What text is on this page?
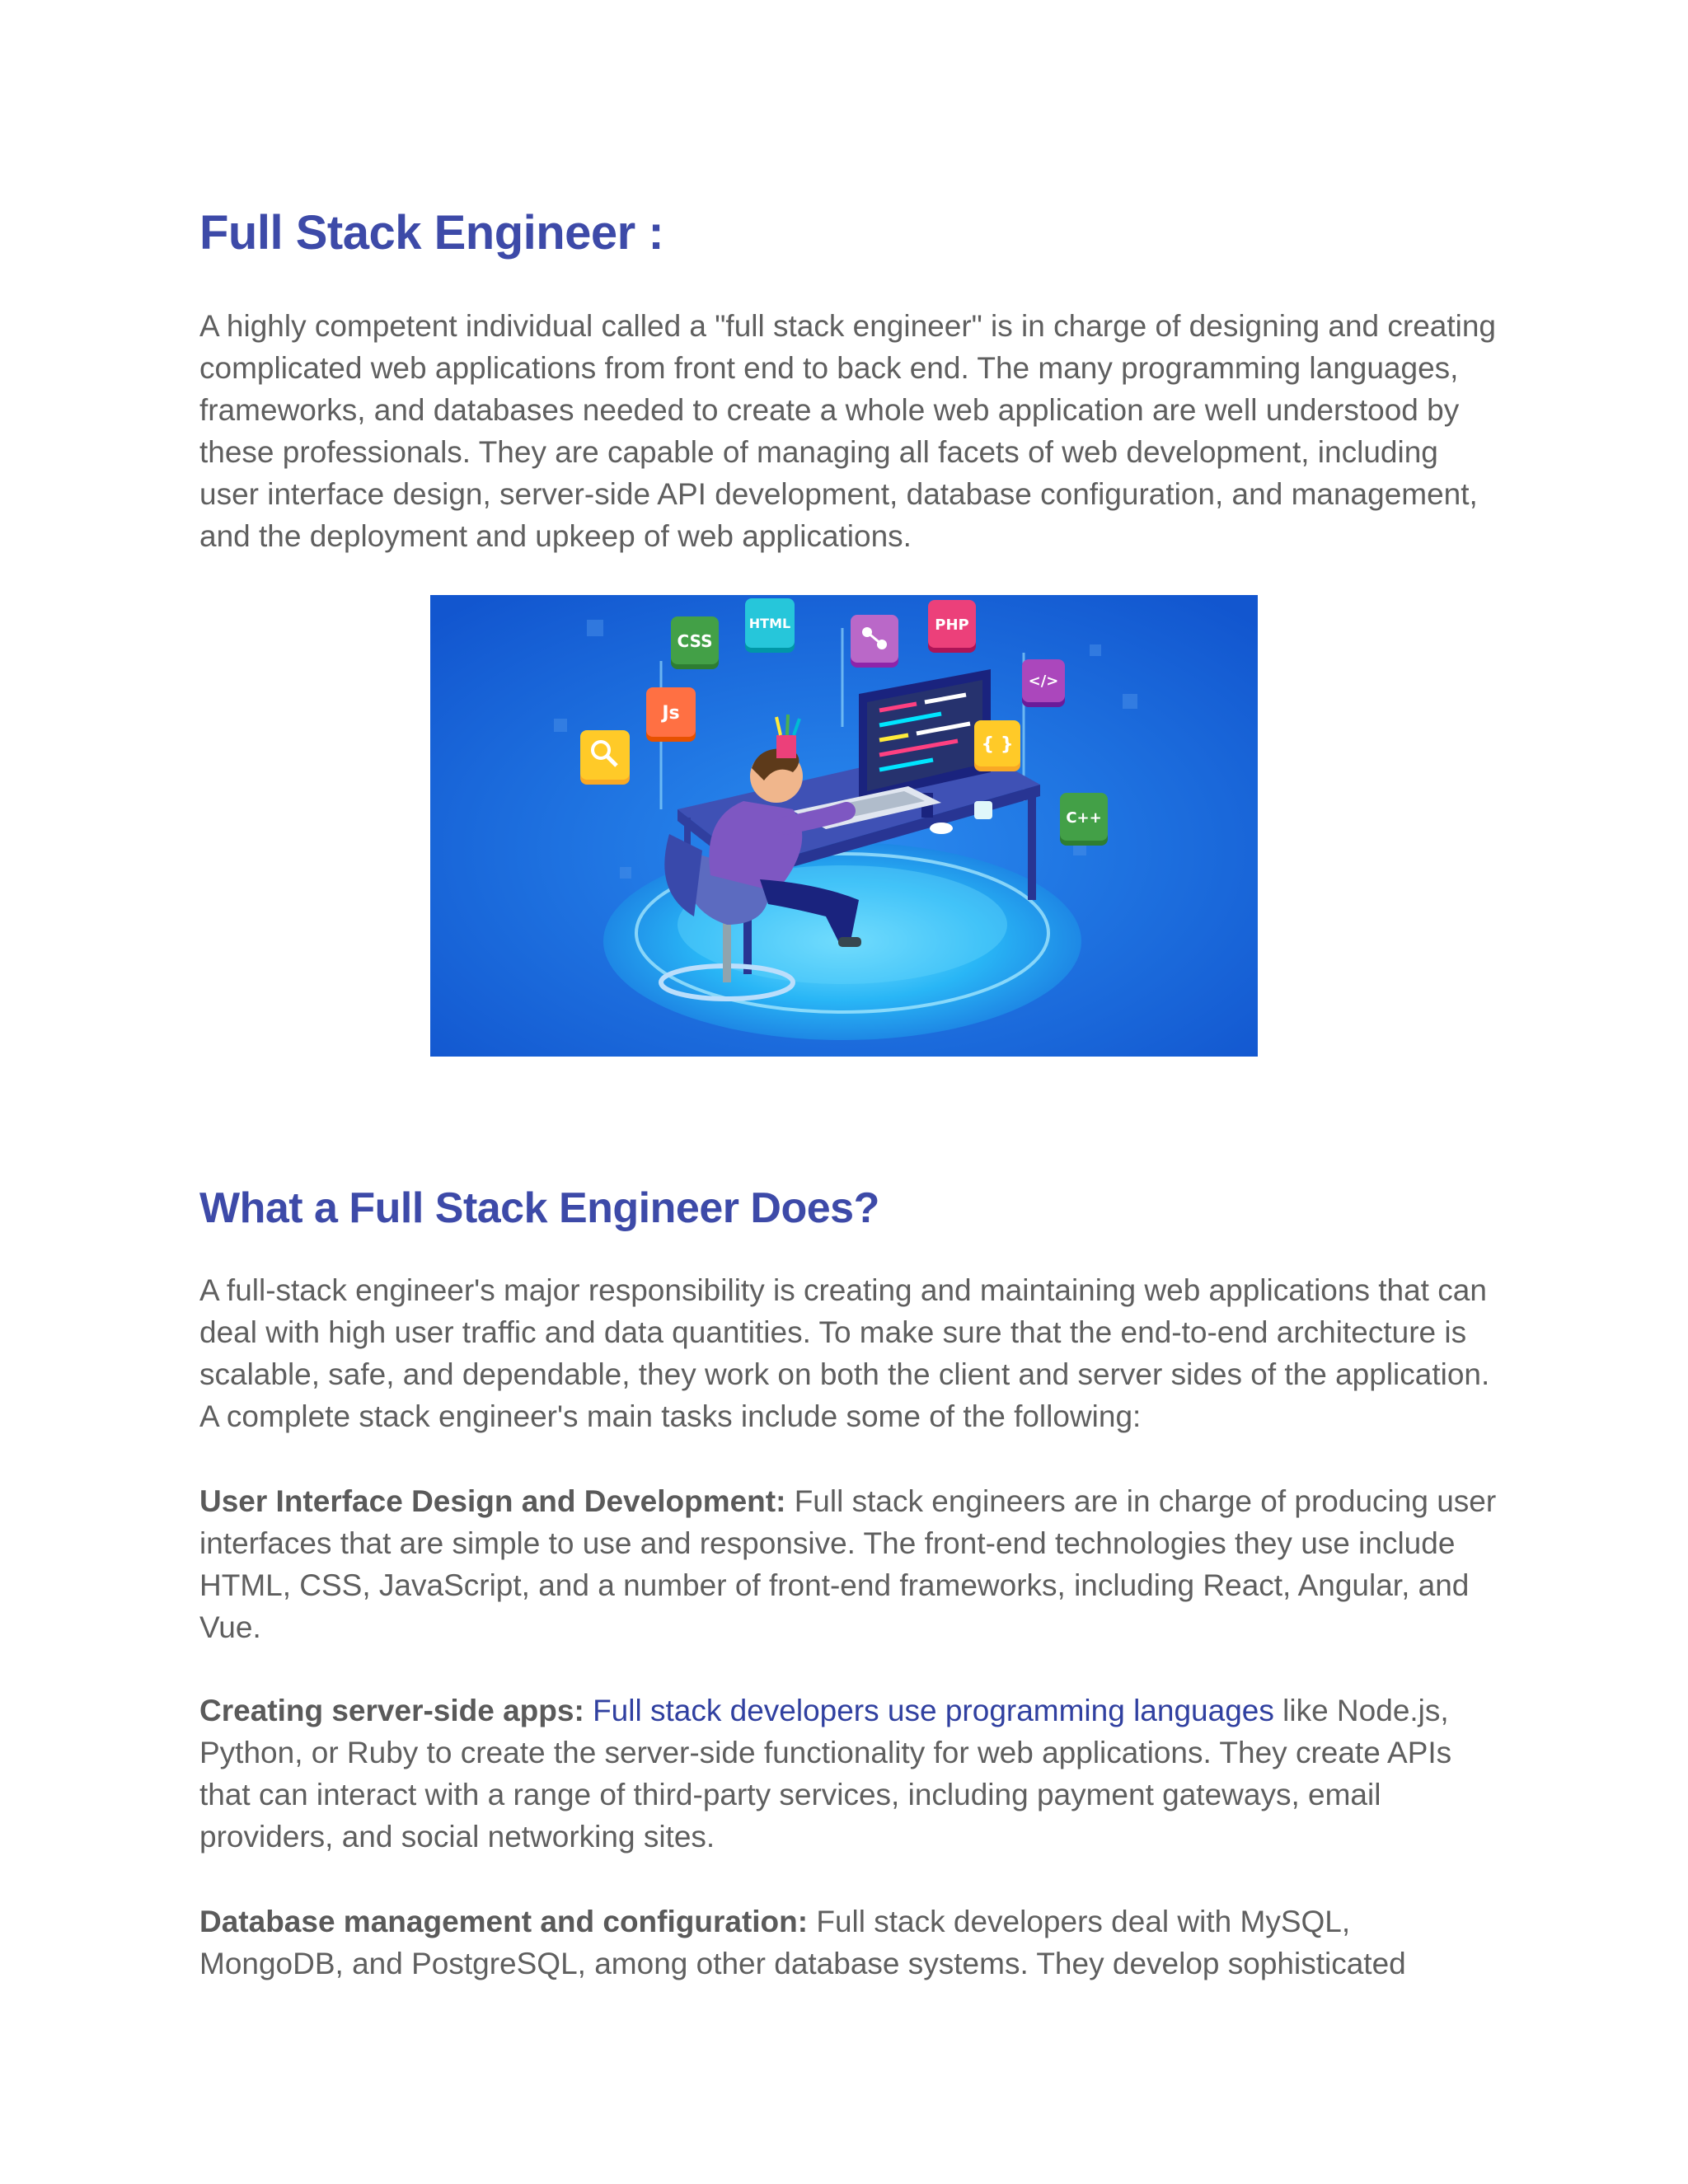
Full Stack Engineer :

A highly competent individual called a "full stack engineer" is in charge of designing and creating complicated web applications from front end to back end. The many programming languages, frameworks, and databases needed to create a whole web application are well understood by these professionals. They are capable of managing all facets of web development, including user interface design, server-side API development, database configuration, and management, and the deployment and upkeep of web applications.

What a Full Stack Engineer Does?

A full-stack engineer's major responsibility is creating and maintaining web applications that can deal with high user traffic and data quantities. To make sure that the end-to-end architecture is scalable, safe, and dependable, they work on both the client and server sides of the application. A complete stack engineer's main tasks include some of the following:

User Interface Design and Development: Full stack engineers are in charge of producing user interfaces that are simple to use and responsive. The front-end technologies they use include HTML, CSS, JavaScript, and a number of front-end frameworks, including React, Angular, and Vue.

Creating server-side apps: Full stack developers use programming languages like Node.js, Python, or Ruby to create the server-side functionality for web applications. They create APIs that can interact with a range of third-party services, including payment gateways, email providers, and social networking sites.

Database management and configuration: Full stack developers deal with MySQL, MongoDB, and PostgreSQL, among other database systems. They develop sophisticated

CSS
HTML	PHP
Js
</>
{ }
C++
